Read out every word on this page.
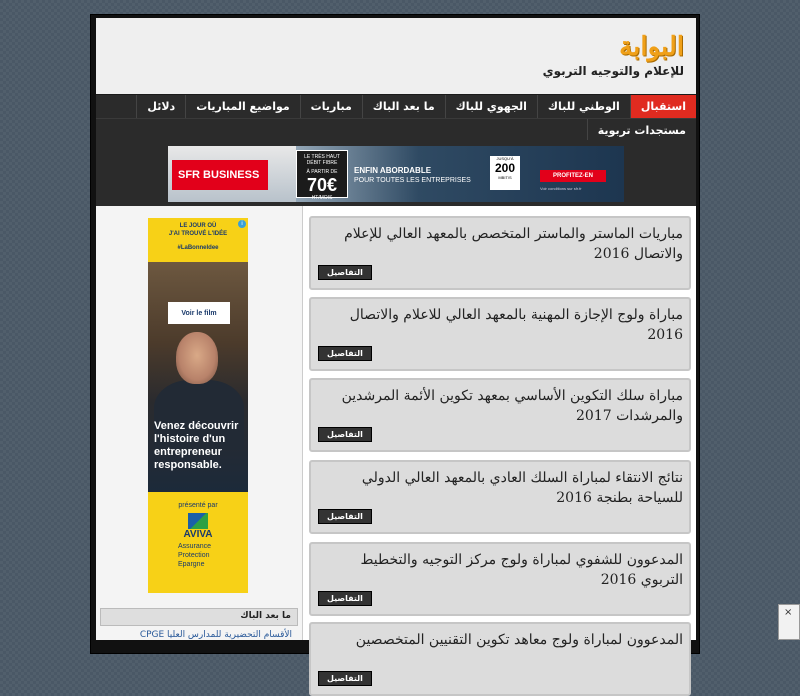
البوابة
للإعلام والتوجيه التربوي
استقبال
الوطني للباك
الجهوي للباك
ما بعد الباك
مباريات
مواضيع المباريات
دلائل
مستجدات تربوية
SFR BUSINESS
LE TRÈS HAUT DÉBIT FIBRE
À PARTIR DE
70€
HT/MOIS
ENFIN ABORDABLE
POUR TOUTES LES ENTREPRISES
JUSQU'À
200
MBIT/S	PROFITEZ-EN
Voir conditions sur sfr.fr
i
LE JOUR OÙ
J'AI TROUVÉ L'IDÉE
#LaBonneIdee
Voir le film
Venez découvrir l'histoire d'un entrepreneur responsable.
présenté par
AVIVA
Assurance
Protection
Epargne
ما بعد الباك
الأقسام التحضيرية للمدارس العليا CPGE
مباريات الماستر والماستر المتخصص بالمعهد العالي للإعلام والاتصال 2016
التفاصيل
مباراة ولوج الإجازة المهنية بالمعهد العالي للاعلام والاتصال 2016
التفاصيل
مباراة سلك التكوين الأساسي بمعهد تكوين الأئمة المرشدين والمرشدات 2017
التفاصيل
نتائج الانتقاء لمباراة السلك العادي بالمعهد العالي الدولي للسياحة بطنجة 2016
التفاصيل
المدعوون للشفوي لمباراة ولوج مركز التوجيه والتخطيط التربوي 2016
التفاصيل
المدعوون لمباراة ولوج معاهد تكوين التقنيين المتخصصين
التفاصيل
×
